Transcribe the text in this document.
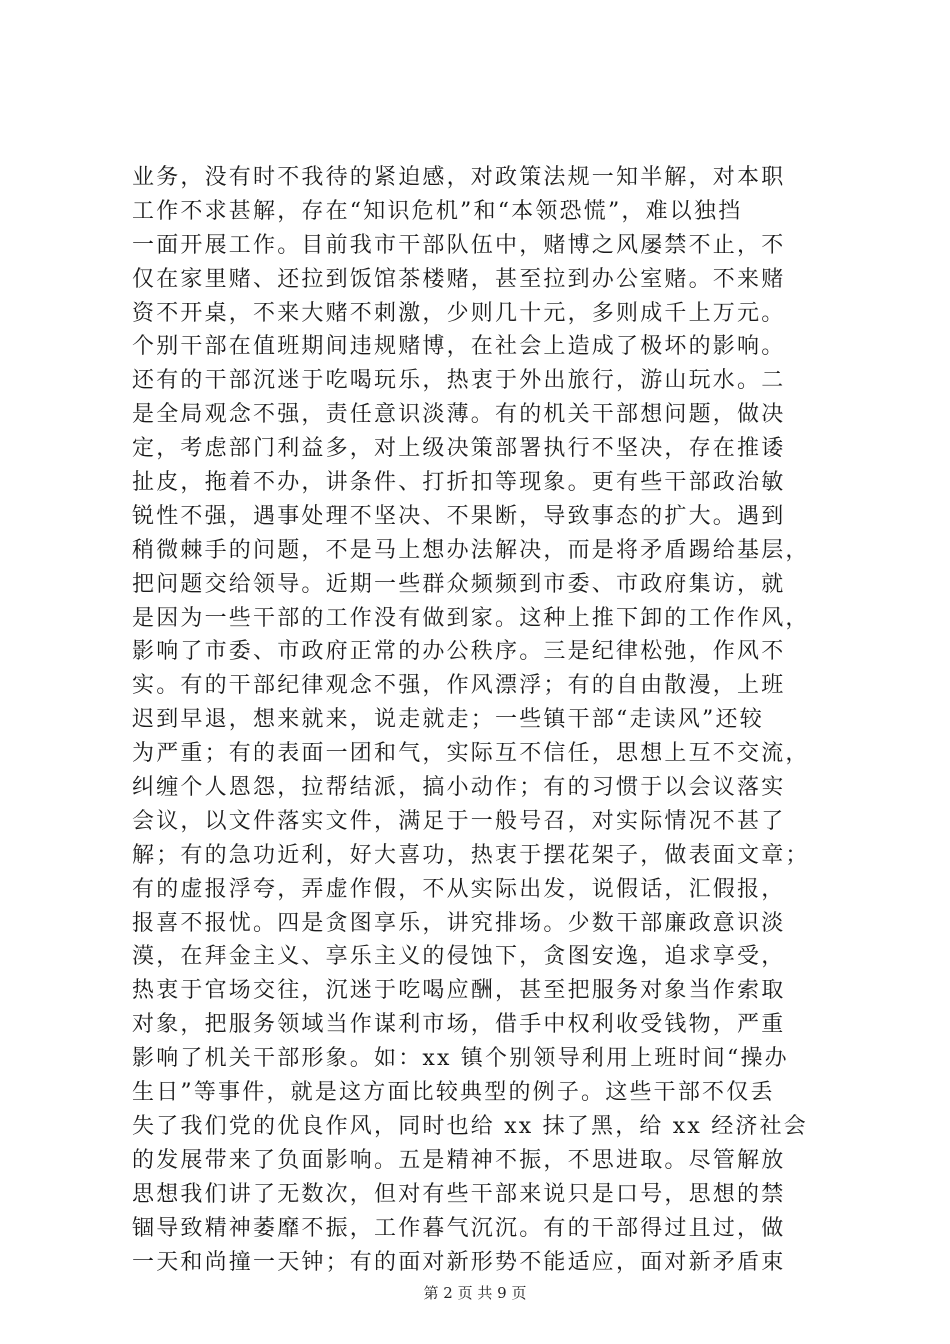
业务，没有时不我待的紧迫感，对政策法规一知半解，对本职
工作不求甚解，存在“知识危机”和“本领恐慌”，难以独挡
一面开展工作。目前我市干部队伍中，赌博之风屡禁不止，不
仅在家里赌、还拉到饭馆茶楼赌，甚至拉到办公室赌。不来赌
资不开桌，不来大赌不刺激，少则几十元，多则成千上万元。
个别干部在值班期间违规赌博，在社会上造成了极坏的影响。
还有的干部沉迷于吃喝玩乐，热衷于外出旅行，游山玩水。二
是全局观念不强，责任意识淡薄。有的机关干部想问题，做决
定，考虑部门利益多，对上级决策部署执行不坚决，存在推诿
扯皮，拖着不办，讲条件、打折扣等现象。更有些干部政治敏
锐性不强，遇事处理不坚决、不果断，导致事态的扩大。遇到
稍微棘手的问题，不是马上想办法解决，而是将矛盾踢给基层，
把问题交给领导。近期一些群众频频到市委、市政府集访，就
是因为一些干部的工作没有做到家。这种上推下卸的工作作风，
影响了市委、市政府正常的办公秩序。三是纪律松弛，作风不
实。有的干部纪律观念不强，作风漂浮；有的自由散漫，上班
迟到早退，想来就来，说走就走；一些镇干部“走读风”还较
为严重；有的表面一团和气，实际互不信任，思想上互不交流，
纠缠个人恩怨，拉帮结派，搞小动作；有的习惯于以会议落实
会议，以文件落实文件，满足于一般号召，对实际情况不甚了
解；有的急功近利，好大喜功，热衷于摆花架子，做表面文章；
有的虚报浮夸，弄虚作假，不从实际出发，说假话，汇假报，
报喜不报忧。四是贪图享乐，讲究排场。少数干部廉政意识淡
漠，在拜金主义、享乐主义的侵蚀下，贪图安逸，追求享受，
热衷于官场交往，沉迷于吃喝应酬，甚至把服务对象当作索取
对象，把服务领域当作谋利市场，借手中权利收受钱物，严重
影响了机关干部形象。如：xx 镇个别领导利用上班时间“操办
生日”等事件，就是这方面比较典型的例子。这些干部不仅丢
失了我们党的优良作风，同时也给 xx 抹了黑，给 xx 经济社会
的发展带来了负面影响。五是精神不振，不思进取。尽管解放
思想我们讲了无数次，但对有些干部来说只是口号，思想的禁
锢导致精神萎靡不振，工作暮气沉沉。有的干部得过且过，做
一天和尚撞一天钟；有的面对新形势不能适应，面对新矛盾束
第 2 页 共 9 页
